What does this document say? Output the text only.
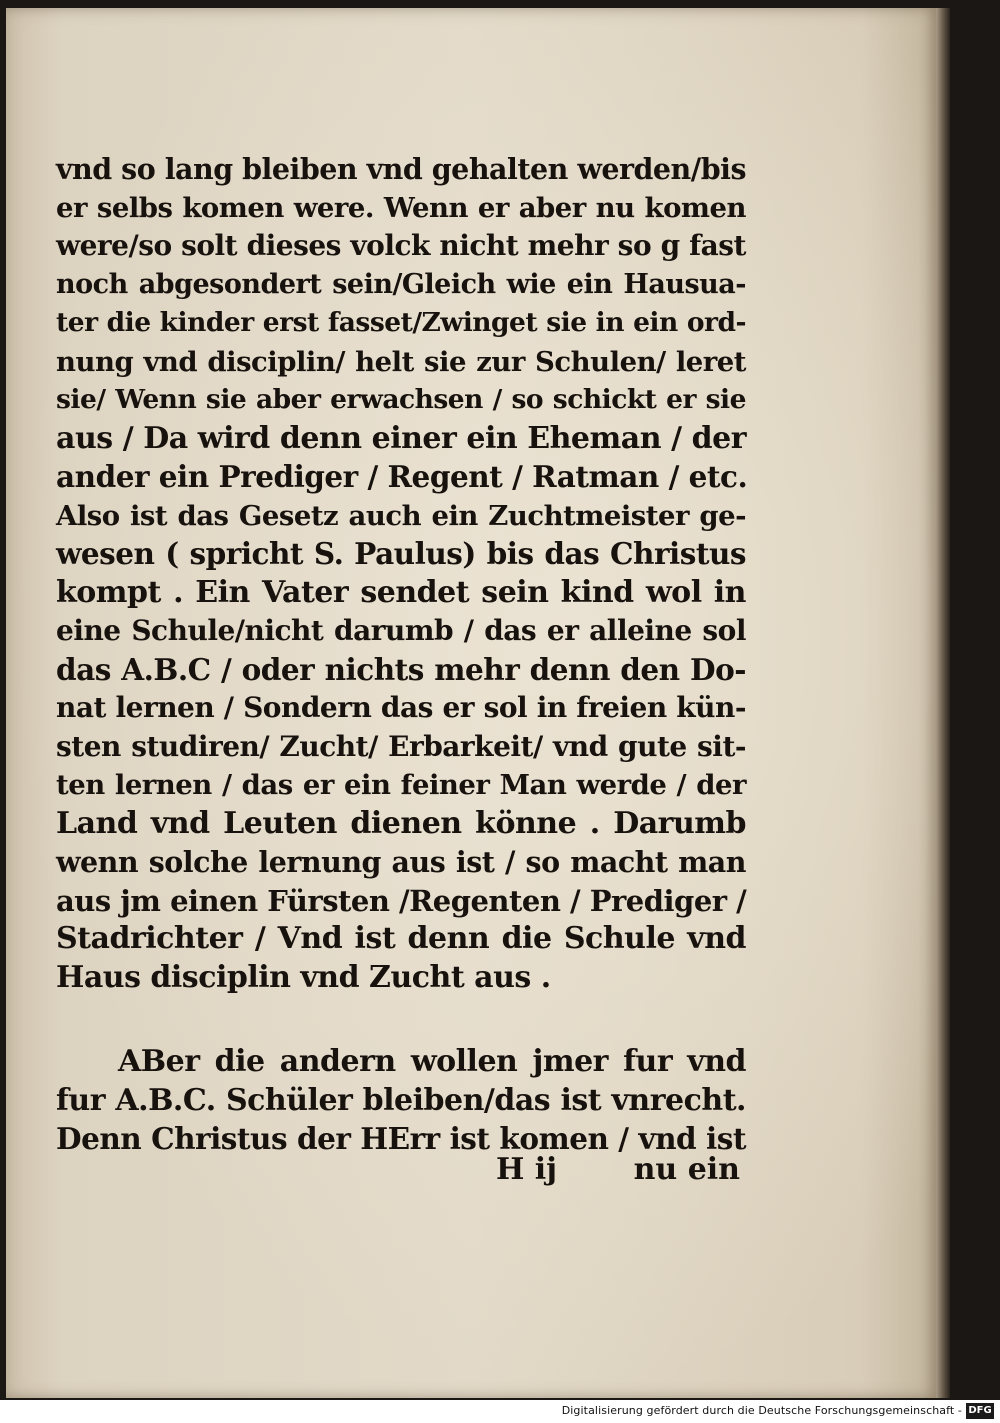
vnd so lang bleiben vnd gehalten werden/bis
er selbs komen were. Wenn er aber nu komen
were/so solt dieses volck nicht mehr so g fast
noch abgesondert sein/Gleich wie ein Hausua-
ter die kinder erst fasset/Zwinget sie in ein ord-
nung vnd disciplin/ helt sie zur Schulen/ leret
sie/ Wenn sie aber erwachsen / so schickt er sie
aus / Da wird denn einer ein Eheman / der
ander ein Prediger / Regent / Ratman / etc.
Also ist das Gesetz auch ein Zuchtmeister ge-
wesen ( spricht S. Paulus) bis das Christus
kompt . Ein Vater sendet sein kind wol in
eine Schule/nicht darumb / das er alleine sol
das A.B.C / oder nichts mehr denn den Do-
nat lernen / Sondern das er sol in freien kün-
sten studiren/ Zucht/ Erbarkeit/ vnd gute sit-
ten lernen / das er ein feiner Man werde / der
Land vnd Leuten dienen könne . Darumb
wenn solche lernung aus ist / so macht man
aus jm einen Fürsten /Regenten / Prediger /
Stadrichter / Vnd ist denn die Schule vnd
Haus disciplin vnd Zucht aus .
ABer die andern wollen jmer fur vnd
fur A.B.C. Schüler bleiben/das ist vnrecht.
Denn Christus der HErr ist komen / vnd ist
H ij	nu ein
Digitalisierung gefördert durch die Deutsche Forschungsgemeinschaft - DFG
